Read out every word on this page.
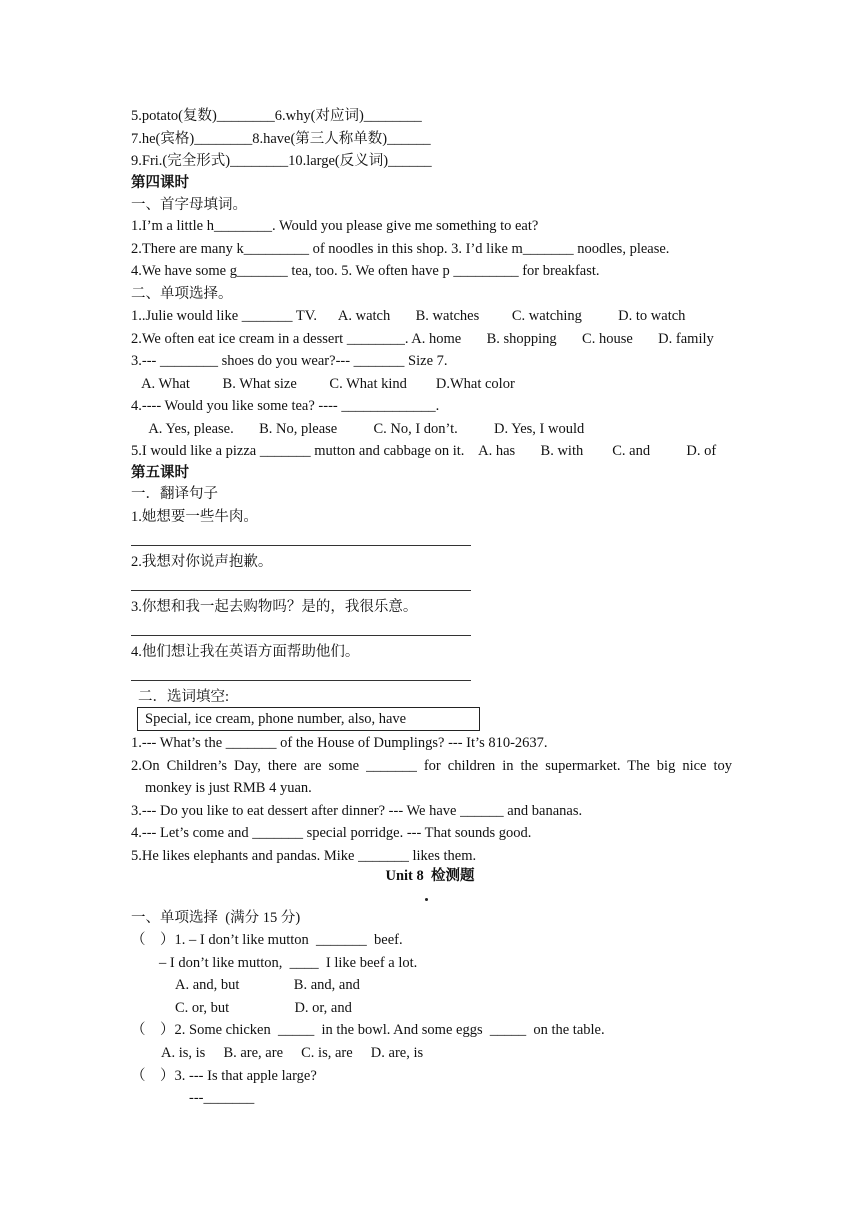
5.potato(复数)________6.why(对应词)________
7.he(宾格)________8.have(第三人称单数)______
9.Fri.(完全形式)________10.large(反义词)______
第四课时
一、首字母填词。
1.I’m a little h________. Would you please give me something to eat?
2.There are many k_________ of noodles in this shop. 3. I’d like m_______ noodles, please.
4.We have some g_______ tea, too. 5. We often have p _________ for breakfast.
二、单项选择。
1..Julie would like _______ TV.      A. watch       B. watches         C. watching          D. to watch
2.We often eat ice cream in a dessert ________. A. home       B. shopping       C. house       D. family
3.--- ________ shoes do you wear?--- _______ Size 7.
A. What         B. What size         C. What kind        D.What color
4.---- Would you like some tea? ---- _____________.
A. Yes, please.       B. No, please          C. No, I don’t.          D. Yes, I would
5.I would like a pizza _______ mutton and cabbage on it.    A. has       B. with        C. and          D. of
第五课时
一．翻译句子
1.她想要一些牛肉。
2.我想对你说声抱歉。
3.你想和我一起去购物吗？是的，我很乐意。
4.他们想让我在英语方面帮助他们。
二．选词填空:
Special, ice cream, phone number, also, have
1.--- What’s the _______ of the House of Dumplings? --- It’s 810-2637.
2.On Children’s Day, there are some _______ for children in the supermarket. The big nice toy
monkey is just RMB 4 yuan.
3.--- Do you like to eat dessert after dinner? --- We have ______ and bananas.
4.--- Let’s come and _______ special porridge. --- That sounds good.
5.He likes elephants and pandas. Mike _______ likes them.
Unit 8  检测题
一、单项选择  (满分 15 分)
（    ）1. – I don’t like mutton  _______  beef.
– I don’t like mutton,  ____  I like beef a lot.
A. and, but               B. and, and
C. or, but                  D. or, and
（    ）2. Some chicken  _____  in the bowl. And some eggs  _____  on the table.
A. is, is     B. are, are     C. is, are     D. are, is
（    ）3. --- Is that apple large?
---_______
